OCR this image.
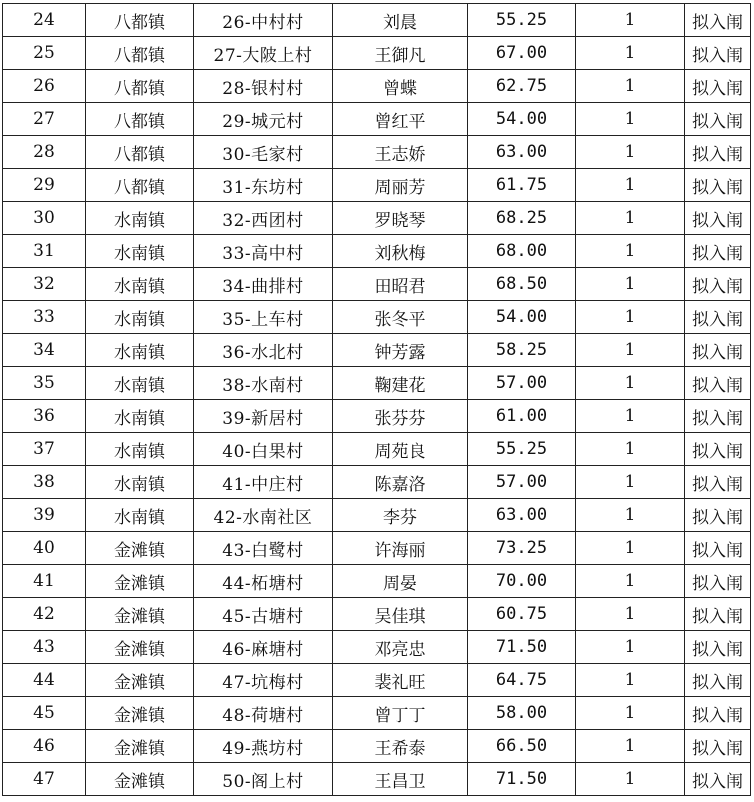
24	八都镇	26-中村村	刘晨	55.25	1	拟入闱
25	八都镇	27-大陂上村	王御凡	67.00	1	拟入闱
26	八都镇	28-银村村	曾蝶	62.75	1	拟入闱
27	八都镇	29-城元村	曾红平	54.00	1	拟入闱
28	八都镇	30-毛家村	王志娇	63.00	1	拟入闱
29	八都镇	31-东坊村	周丽芳	61.75	1	拟入闱
30	水南镇	32-西团村	罗晓琴	68.25	1	拟入闱
31	水南镇	33-高中村	刘秋梅	68.00	1	拟入闱
32	水南镇	34-曲排村	田昭君	68.50	1	拟入闱
33	水南镇	35-上车村	张冬平	54.00	1	拟入闱
34	水南镇	36-水北村	钟芳露	58.25	1	拟入闱
35	水南镇	38-水南村	鞠建花	57.00	1	拟入闱
36	水南镇	39-新居村	张芬芬	61.00	1	拟入闱
37	水南镇	40-白果村	周苑良	55.25	1	拟入闱
38	水南镇	41-中庄村	陈嘉洛	57.00	1	拟入闱
39	水南镇	42-水南社区	李芬	63.00	1	拟入闱
40	金滩镇	43-白鹭村	许海丽	73.25	1	拟入闱
41	金滩镇	44-柘塘村	周晏	70.00	1	拟入闱
42	金滩镇	45-古塘村	吴佳琪	60.75	1	拟入闱
43	金滩镇	46-麻塘村	邓亮忠	71.50	1	拟入闱
44	金滩镇	47-坑梅村	裴礼旺	64.75	1	拟入闱
45	金滩镇	48-荷塘村	曾丁丁	58.00	1	拟入闱
46	金滩镇	49-燕坊村	王希泰	66.50	1	拟入闱
47	金滩镇	50-阁上村	王昌卫	71.50	1	拟入闱
